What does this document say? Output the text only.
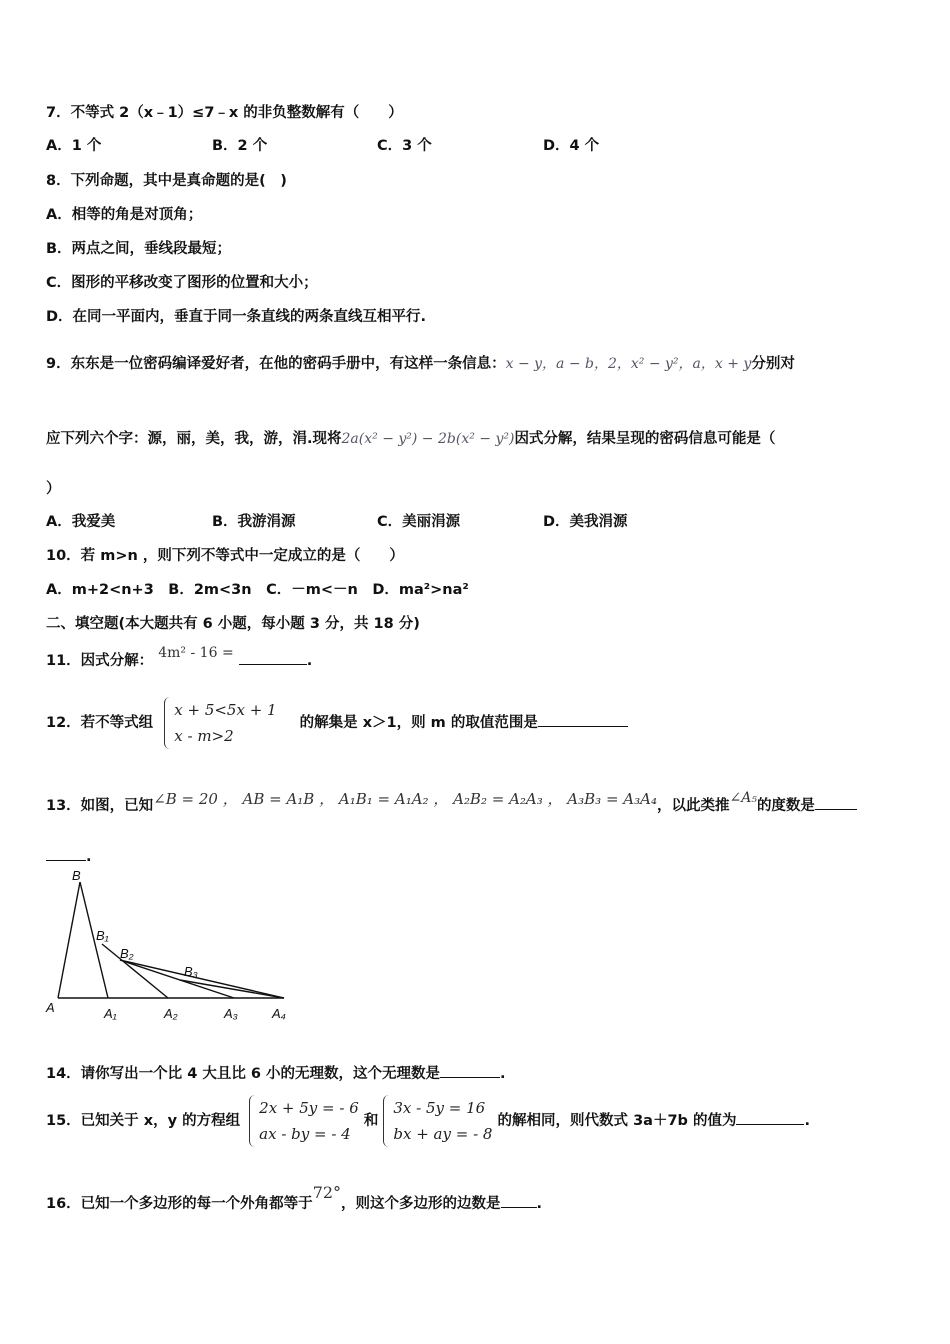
7．不等式 2（x﹣1）≤7﹣x 的非负整数解有（　　）
A．1 个	B．2 个	C．3 个	D．4 个
8．下列命题，其中是真命题的是(　)
A．相等的角是对顶角；
B．两点之间，垂线段最短；
C．图形的平移改变了图形的位置和大小；
D．在同一平面内，垂直于同一条直线的两条直线互相平行.
9．东东是一位密码编译爱好者，在他的密码手册中，有这样一条信息：x − y，a − b，2，x² − y²，a，x + y分别对
应下列六个字：源，丽，美，我，游，涓.现将2a(x² − y²) − 2b(x² − y²)因式分解，结果呈现的密码信息可能是（
）
A．我爱美	B．我游涓源	C．美丽涓源	D．美我涓源
10．若 m>n ，则下列不等式中一定成立的是（　　）
A．m+2<n+3　B．2m<3n　C．－m<－n　D．ma²>na²
二、填空题(本大题共有 6 小题，每小题 3 分，共 18 分)
11．因式分解： 4m² - 16 =	.
12．若不等式组
x + 5<5x + 1
x - m>2
的解集是 x＞1，则 m 的取值范围是
13．如图，已知∠B = 20 ， AB = A₁B ， A₁B₁ = A₁A₂ ， A₂B₂ = A₂A₃ ， A₃B₃ = A₃A₄，以此类推∠A₅的度数是
.
B
B₁
B₂
B₃
A	A₁	A₂	A₃	A₄
14．请你写出一个比 4 大且比 6 小的无理数，这个无理数是	.
15．已知关于 x，y 的方程组
2x + 5y = - 6
ax - by = - 4
和
3x - 5y = 16
bx + ay = - 8
的解相同，则代数式 3a＋7b 的值为	.
16．已知一个多边形的每一个外角都等于72°，则这个多边形的边数是 .
